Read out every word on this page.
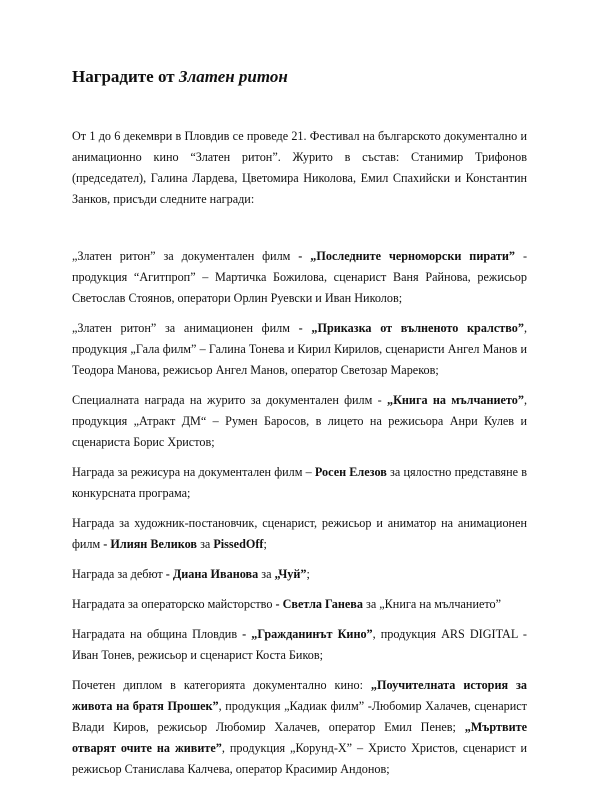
Наградите от Златен ритон

От 1 до 6 декември в Пловдив се проведе 21. Фестивал на българското документално и анимационно кино “Златен ритон”. Журито в състав: Станимир Трифонов (председател), Галина Лардева, Цветомира Николова, Емил Спахийски и Константин Занков, присъди следните награди:

„Златен ритон” за документален филм - „Последните черноморски пирати” - продукция “Агитпроп” – Мартичка Божилова, сценарист Ваня Райнова, режисьор Светослав Стоянов, оператори Орлин Руевски и Иван Николов;

„Златен ритон” за анимационен филм - „Приказка от вълненото кралство”, продукция „Гала филм” – Галина Тонева и Кирил Кирилов, сценаристи Ангел Манов и Теодора Манова, режисьор Ангел Манов, оператор Светозар Мареков;

Специалната награда на журито за документален филм - „Книга на мълчанието”, продукция „Атракт ДМ“ – Румен Баросов, в лицето на режисьора Анри Кулев и сценариста Борис Христов;

Награда за режисура на документален филм – Росен Елезов за цялостно представяне в конкурсната програма;

Награда за художник-постановчик, сценарист, режисьор и аниматор на анимационен филм - Илиян Великов за PissedOff;

Награда за дебют - Диана Иванова за „Чуй”;

Наградата за операторско майсторство - Светла Ганева за „Книга на мълчанието”

Наградата на община Пловдив - „Гражданинът Кино”, продукция ARS DIGITAL - Иван Тонев, режисьор и сценарист Коста Биков;

Почетен диплом в категорията документално кино: „Поучителната история за живота на братя Прошек”, продукция „Кадиак филм” -Любомир Халачев, сценарист Влади Киров, режисьор Любомир Халачев, оператор Емил Пенев; „Мъртвите отварят очите на живите”, продукция „Корунд-Х” – Христо Христов, сценарист и режисьор Станислава Калчева, оператор Красимир Андонов;
